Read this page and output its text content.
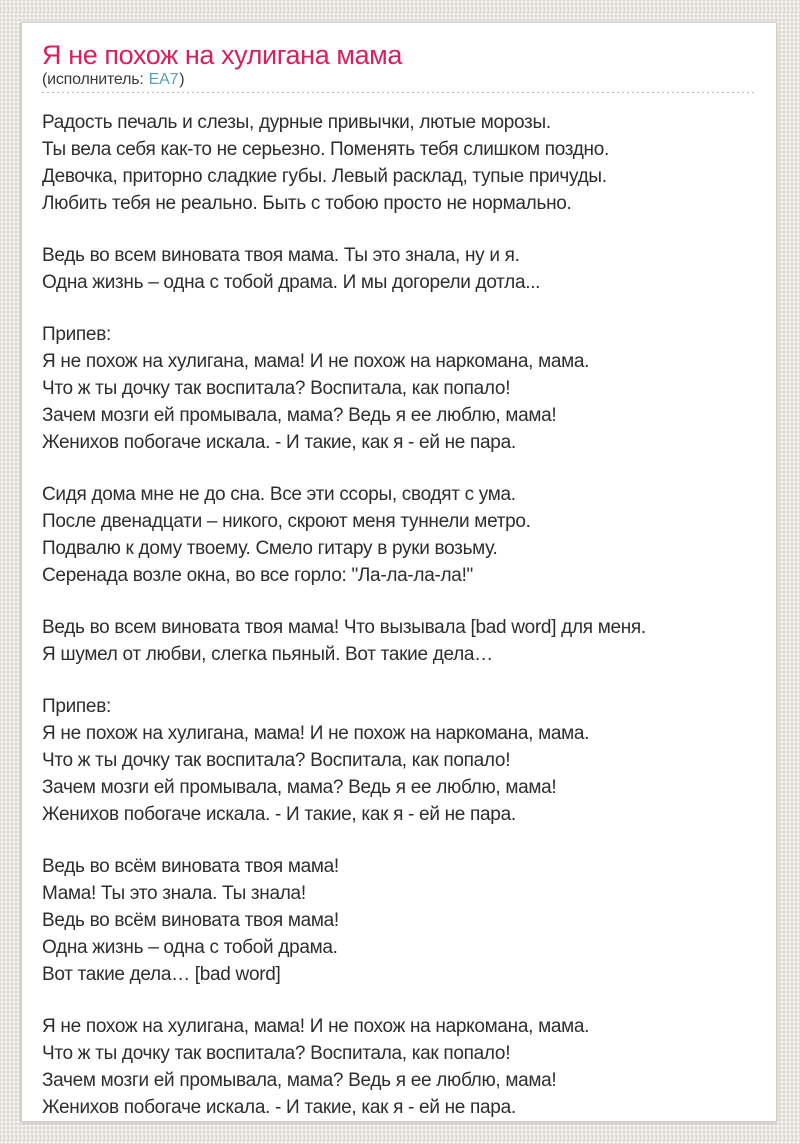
Я не похож на хулигана мама
(исполнитель: EA7)
Радость печаль и слезы, дурные привычки, лютые морозы.
Ты вела себя как-то не серьезно. Поменять тебя слишком поздно.
Девочка, приторно сладкие губы. Левый расклад, тупые причуды.
Любить тебя не реально. Быть с тобою просто не нормально.
Ведь во всем виновата твоя мама. Ты это знала, ну и я.
Одна жизнь – одна с тобой драма. И мы догорели дотла...
Припев:
Я не похож на хулигана, мама! И не похож на наркомана, мама.
Что ж ты дочку так воспитала? Воспитала, как попало!
Зачем мозги ей промывала, мама? Ведь я ее люблю, мама!
Женихов побогаче искала. - И такие, как я - ей не пара.
Сидя дома мне не до сна. Все эти ссоры, сводят с ума.
После двенадцати – никого, скроют меня туннели метро.
Подвалю к дому твоему. Смело гитару в руки возьму.
Серенада возле окна, во все горло: "Ла-ла-ла-ла!"
Ведь во всем виновата твоя мама! Что вызывала [bad word] для меня.
Я шумел от любви, слегка пьяный. Вот такие дела…
Припев:
Я не похож на хулигана, мама! И не похож на наркомана, мама.
Что ж ты дочку так воспитала? Воспитала, как попало!
Зачем мозги ей промывала, мама? Ведь я ее люблю, мама!
Женихов побогаче искала. - И такие, как я - ей не пара.
Ведь во всём виновата твоя мама!
Мама! Ты это знала. Ты знала!
Ведь во всём виновата твоя мама!
Одна жизнь – одна с тобой драма.
Вот такие дела… [bad word]
Я не похож на хулигана, мама! И не похож на наркомана, мама.
Что ж ты дочку так воспитала? Воспитала, как попало!
Зачем мозги ей промывала, мама? Ведь я ее люблю, мама!
Женихов побогаче искала. - И такие, как я - ей не пара.
